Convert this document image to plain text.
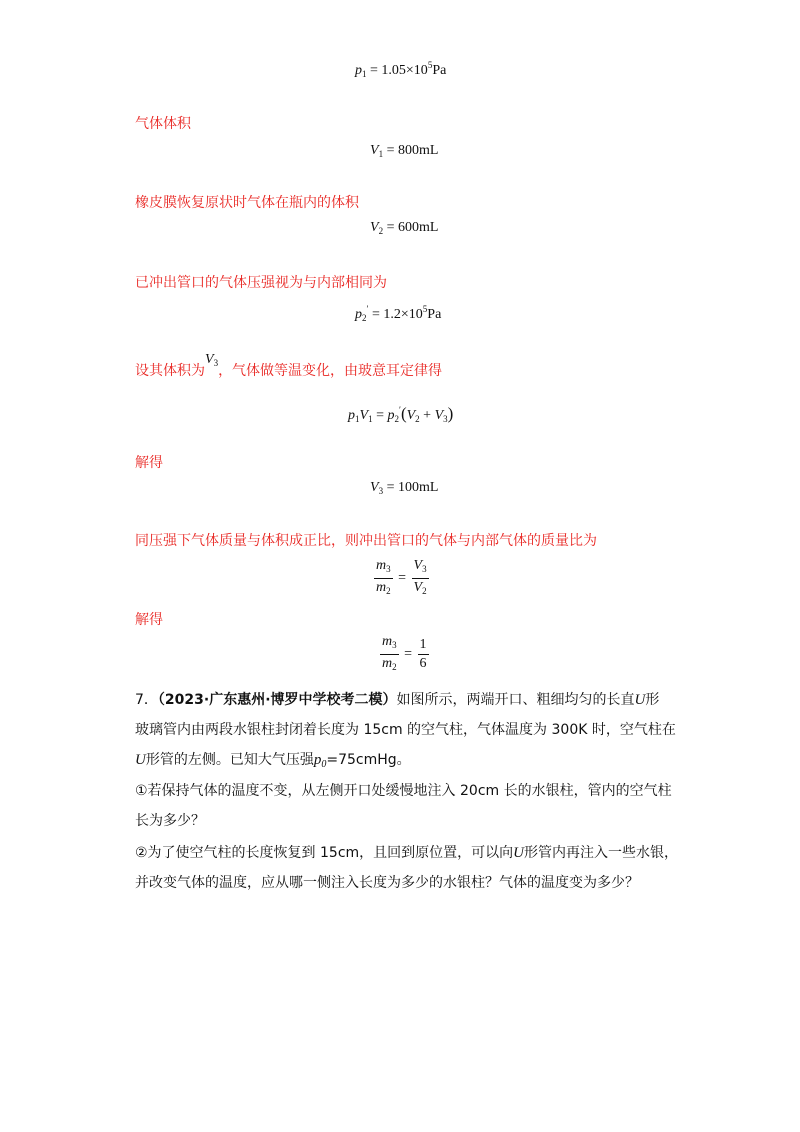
$p_1 = 1.05\times 10^5Pa$
气体体积
$V_1 = 800mL$
橡皮膜恢复原状时气体在瓶内的体积
$V_2 = 600mL$
已冲出管口的气体压强视为与内部相同为
$p_2' = 1.2\times 10^5Pa$
设其体积为$V_3$，气体做等温变化，由玻意耳定律得
$p_1V_1 = p_2'(V_2 + V_3)$
解得
$V_3 = 100mL$
同压强下气体质量与体积成正比，则冲出管口的气体与内部气体的质量比为
$\frac{m_3}{m_2} = \frac{V_3}{V_2}$
解得
$\frac{m_3}{m_2} = \frac{1}{6}$
7．（2023·广东惠州·博罗中学校考二模）如图所示，两端开口、粗细均匀的长直U形
玻璃管内由两段水银柱封闭着长度为 15cm 的空气柱，气体温度为 300K 时，空气柱在
U形管的左侧。已知大气压强$p_0=75cmHg$。
①若保持气体的温度不变，从左侧开口处缓慢地注入 20cm 长的水银柱，管内的空气柱
长为多少？
②为了使空气柱的长度恢复到 15cm，且回到原位置，可以向U形管内再注入一些水银，
并改变气体的温度，应从哪一侧注入长度为多少的水银柱？气体的温度变为多少？
